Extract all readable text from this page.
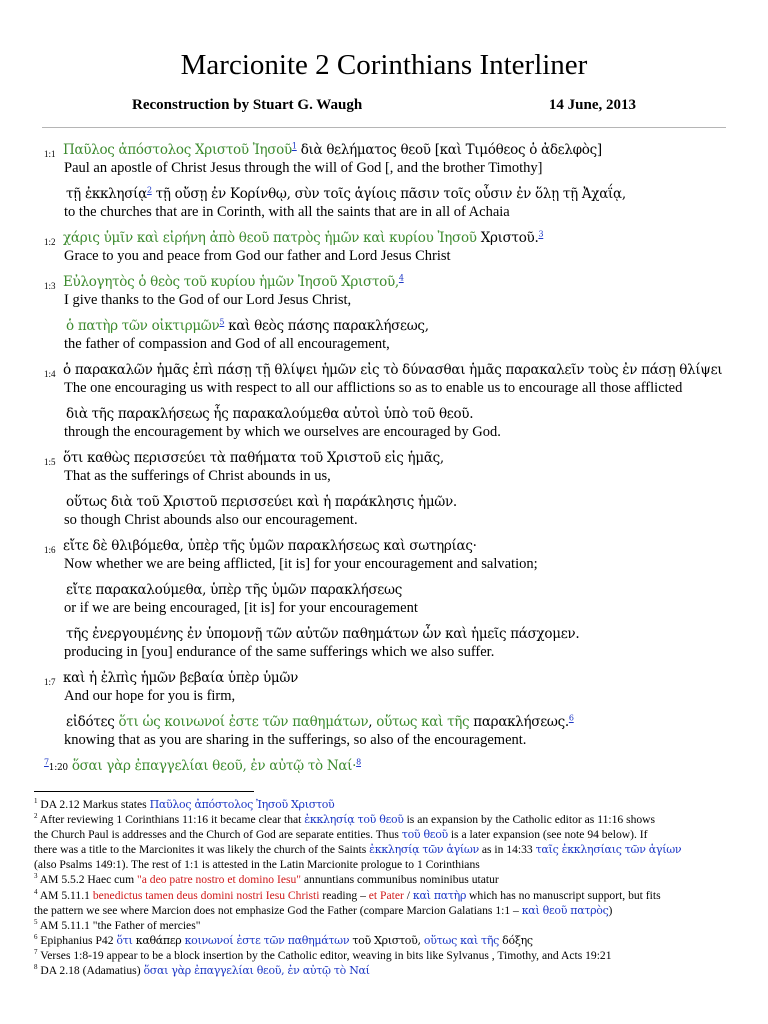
Marcionite 2 Corinthians Interliner
Reconstruction by Stuart G. Waugh	14 June, 2013
1:1 Παῦλος ἀπόστολος Χριστοῦ Ἰησοῦ$^1$ διὰ θελήματος θεοῦ [καὶ Τιμόθεος ὁ ἀδελφὸς]
Paul an apostle of Christ Jesus through the will of God [, and the brother Timothy]
τῇ ἐκκλησίᾳ$^2$ τῇ οὔσῃ ἐν Κορίνθῳ, σὺν τοῖς ἁγίοις πᾶσιν τοῖς οὖσιν ἐν ὅλῃ τῇ Ἀχαΐᾳ,
to the churches that are in Corinth, with all the saints that are in all of Achaia
1:2 χάρις ὑμῖν καὶ εἰρήνη ἀπὸ θεοῦ πατρὸς ἡμῶν καὶ κυρίου Ἰησοῦ Χριστοῦ.$^3$
Grace to you and peace from God our father and Lord Jesus Christ
1:3 Εὐλογητὸς ὁ θεὸς τοῦ κυρίου ἡμῶν Ἰησοῦ Χριστοῦ,$^4$
I give thanks to the God of our Lord Jesus Christ,
ὁ πατὴρ τῶν οἰκτιρμῶν$^5$ καὶ θεὸς πάσης παρακλήσεως,
the father of compassion and God of all encouragement,
1:4 ὁ παρακαλῶν ἡμᾶς ἐπὶ πάσῃ τῇ θλίψει ἡμῶν εἰς τὸ δύνασθαι ἡμᾶς παρακαλεῖν τοὺς ἐν πάσῃ θλίψει
The one encouraging us with respect to all our afflictions so as to enable us to encourage all those afflicted
διὰ τῆς παρακλήσεως ἧς παρακαλούμεθα αὐτοὶ ὑπὸ τοῦ θεοῦ.
through the encouragement by which we ourselves are encouraged by God.
1:5 ὅτι καθὼς περισσεύει τὰ παθήματα τοῦ Χριστοῦ εἰς ἡμᾶς,
That as the sufferings of Christ abounds in us,
οὕτως διὰ τοῦ Χριστοῦ περισσεύει καὶ ἡ παράκλησις ἡμῶν.
so though Christ abounds also our encouragement.
1:6 εἴτε δὲ θλιβόμεθα, ὑπὲρ τῆς ὑμῶν παρακλήσεως καὶ σωτηρίας·
Now whether we are being afflicted, [it is] for your encouragement and salvation;
εἴτε παρακαλούμεθα, ὑπὲρ τῆς ὑμῶν παρακλήσεως
or if we are being encouraged, [it is] for your encouragement
τῆς ἐνεργουμένης ἐν ὑπομονῇ τῶν αὐτῶν παθημάτων ὧν καὶ ἡμεῖς πάσχομεν.
producing in [you] endurance of the same sufferings which we also suffer.
1:7 καὶ ἡ ἐλπὶς ἡμῶν βεβαία ὑπὲρ ὑμῶν
And our hope for you is firm,
εἰδότες ὅτι ὡς κοινωνοί ἐστε τῶν παθημάτων, οὕτως καὶ τῆς παρακλήσεως.$^6$
knowing that as you are sharing in the sufferings, so also of the encouragement.
$^7$1:20 ὅσαι γὰρ ἐπαγγελίαι θεοῦ, ἐν αὐτῷ τὸ Ναί·$^8$
$^1$ DA 2.12 Markus states Παῦλος ἀπόστολος Ἰησοῦ Χριστοῦ
$^2$ After reviewing 1 Corinthians 11:16 it became clear that ἐκκλησίᾳ τοῦ θεοῦ is an expansion by the Catholic editor as 11:16 shows
the Church Paul is addresses and the Church of God are separate entities. Thus τοῦ θεοῦ is a later expansion (see note 94 below). If
there was a title to the Marcionites it was likely the church of the Saints ἐκκλησίᾳ τῶν ἁγίων as in 14:33 ταῖς ἐκκλησίαις τῶν ἁγίων
(also Psalms 149:1). The rest of 1:1 is attested in the Latin Marcionite prologue to 1 Corinthians
$^3$ AM 5.5.2 Haec cum "a deo patre nostro et domino Iesu" annuntians communibus nominibus utatur
$^4$ AM 5.11.1 benedictus tamen deus domini nostri Iesu Christi reading – et Pater / καὶ πατὴρ which has no manuscript support, but fits
the pattern we see where Marcion does not emphasize God the Father (compare Marcion Galatians 1:1 – καὶ θεοῦ πατρὸς)
$^5$ AM 5.11.1 "the Father of mercies"
$^6$ Epiphanius P42 ὅτι καθάπερ κοινωνοί ἐστε τῶν παθημάτων τοῦ Χριστοῦ, οὕτως καὶ τῆς δόξης
$^7$ Verses 1:8-19 appear to be a block insertion by the Catholic editor, weaving in bits like Sylvanus , Timothy, and Acts 19:21
$^8$ DA 2.18 (Adamatius) ὅσαι γὰρ ἐπαγγελίαι θεοῦ, ἐν αὐτῷ τὸ Ναί
